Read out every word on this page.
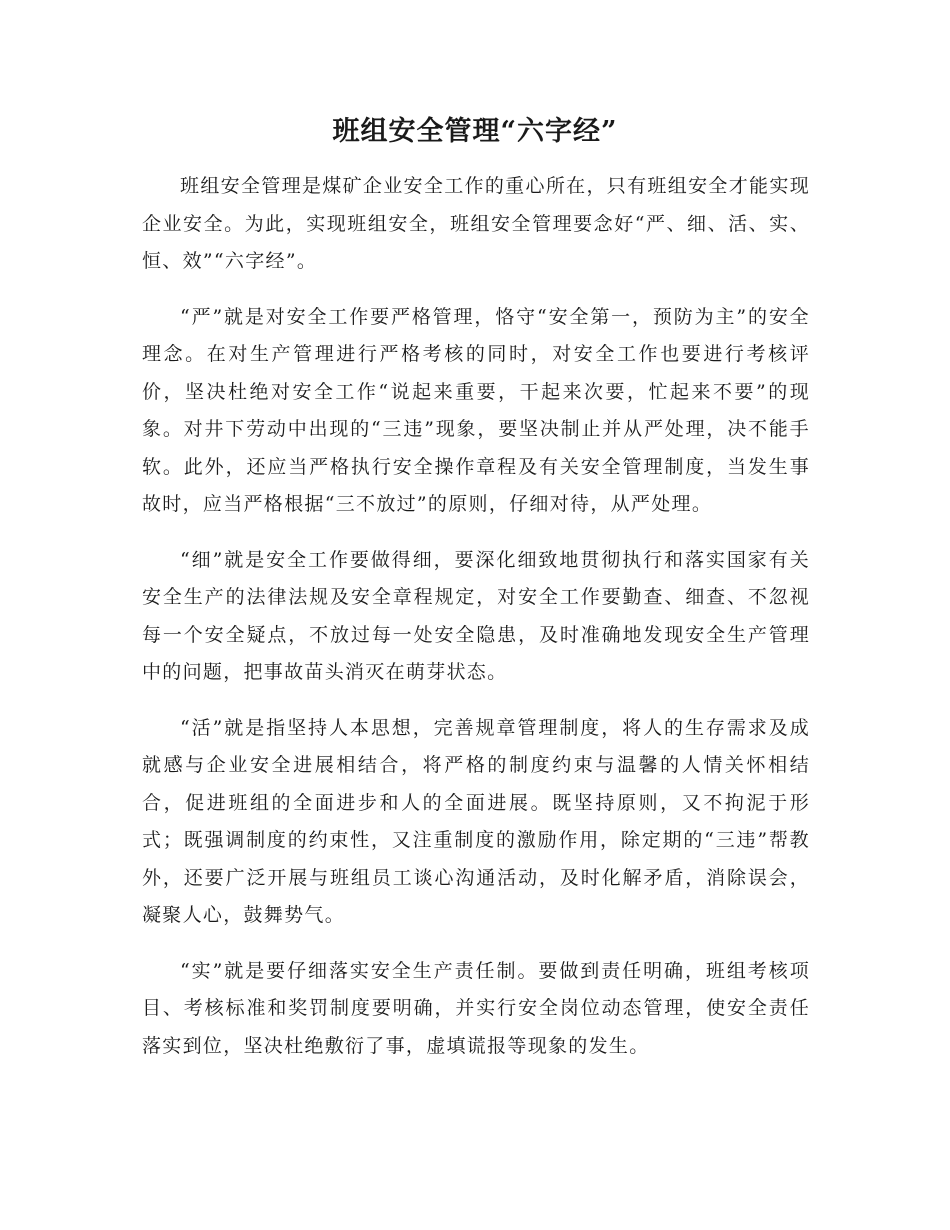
班组安全管理“六字经”

班组安全管理是煤矿企业安全工作的重心所在，只有班组安全才能实现企业安全。为此，实现班组安全，班组安全管理要念好“严、细、活、实、恒、效”“六字经”。

“严”就是对安全工作要严格管理，恪守“安全第一，预防为主”的安全理念。在对生产管理进行严格考核的同时，对安全工作也要进行考核评价，坚决杜绝对安全工作“说起来重要，干起来次要，忙起来不要”的现象。对井下劳动中出现的“三违”现象，要坚决制止并从严处理，决不能手软。此外，还应当严格执行安全操作章程及有关安全管理制度，当发生事故时，应当严格根据“三不放过”的原则，仔细对待，从严处理。

“细”就是安全工作要做得细，要深化细致地贯彻执行和落实国家有关安全生产的法律法规及安全章程规定，对安全工作要勤查、细查、不忽视每一个安全疑点，不放过每一处安全隐患，及时准确地发现安全生产管理中的问题，把事故苗头消灭在萌芽状态。

“活”就是指坚持人本思想，完善规章管理制度，将人的生存需求及成就感与企业安全进展相结合，将严格的制度约束与温馨的人情关怀相结合，促进班组的全面进步和人的全面进展。既坚持原则，又不拘泥于形式；既强调制度的约束性，又注重制度的激励作用，除定期的“三违”帮教外，还要广泛开展与班组员工谈心沟通活动，及时化解矛盾，消除误会，凝聚人心，鼓舞势气。

“实”就是要仔细落实安全生产责任制。要做到责任明确，班组考核项目、考核标准和奖罚制度要明确，并实行安全岗位动态管理，使安全责任落实到位，坚决杜绝敷衍了事，虚填谎报等现象的发生。
